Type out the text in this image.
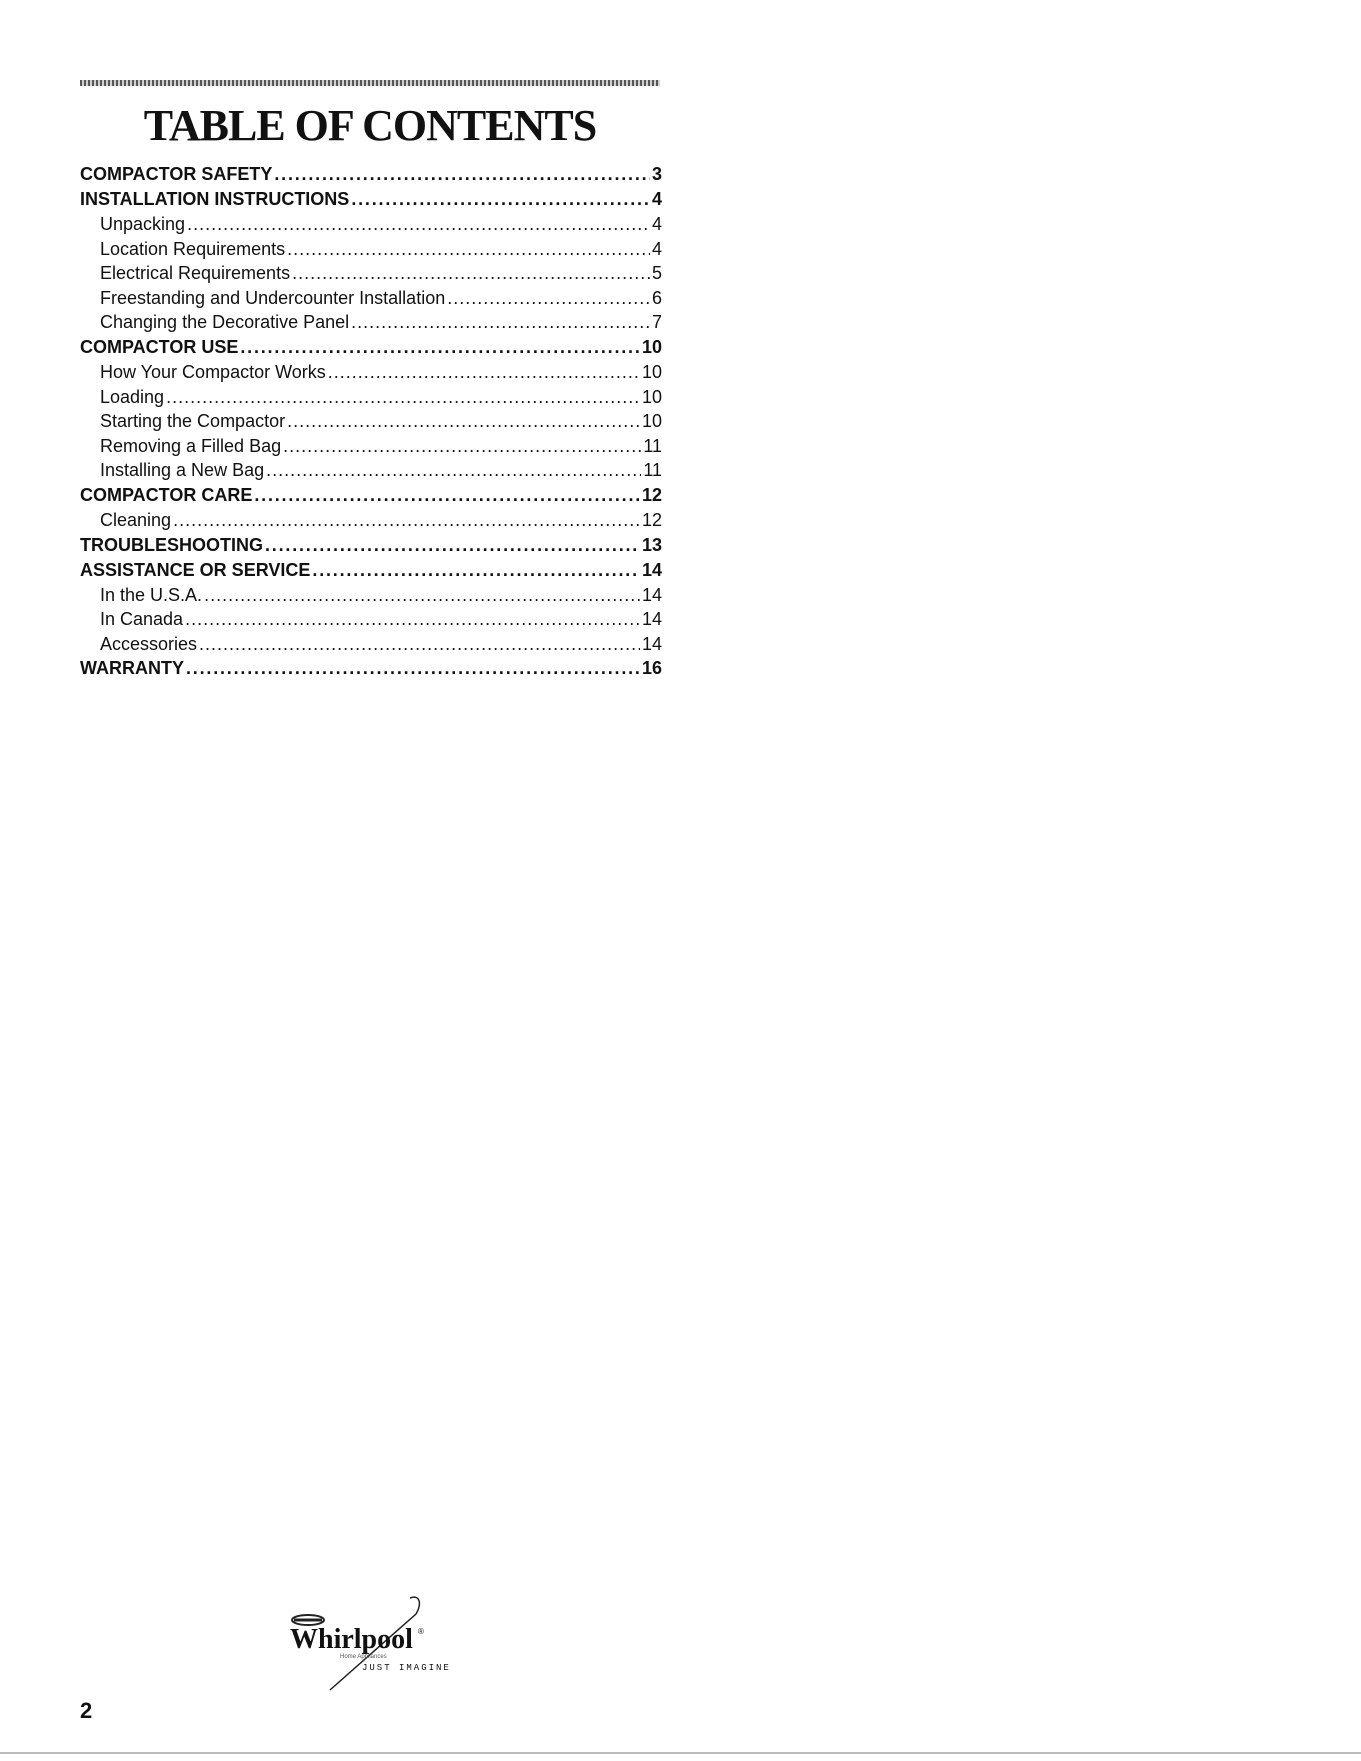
TABLE OF CONTENTS
COMPACTOR SAFETY . . .	3
INSTALLATION INSTRUCTIONS . . .	4
Unpacking . . .	4
Location Requirements . . .	4
Electrical Requirements . . .	5
Freestanding and Undercounter Installation . . .	6
Changing the Decorative Panel . . .	7
COMPACTOR USE . . .	10
How Your Compactor Works . . .	10
Loading . . .	10
Starting the Compactor . . .	10
Removing a Filled Bag . . .	11
Installing a New Bag . . .	11
COMPACTOR CARE . . .	12
Cleaning . . .	12
TROUBLESHOOTING . . .	13
ASSISTANCE OR SERVICE . . .	14
In the U.S.A. . . .	14
In Canada . . .	14
Accessories . . .	14
WARRANTY . . .	16
Whirlpool ®
Home Appliances
JUST IMAGINE
2
